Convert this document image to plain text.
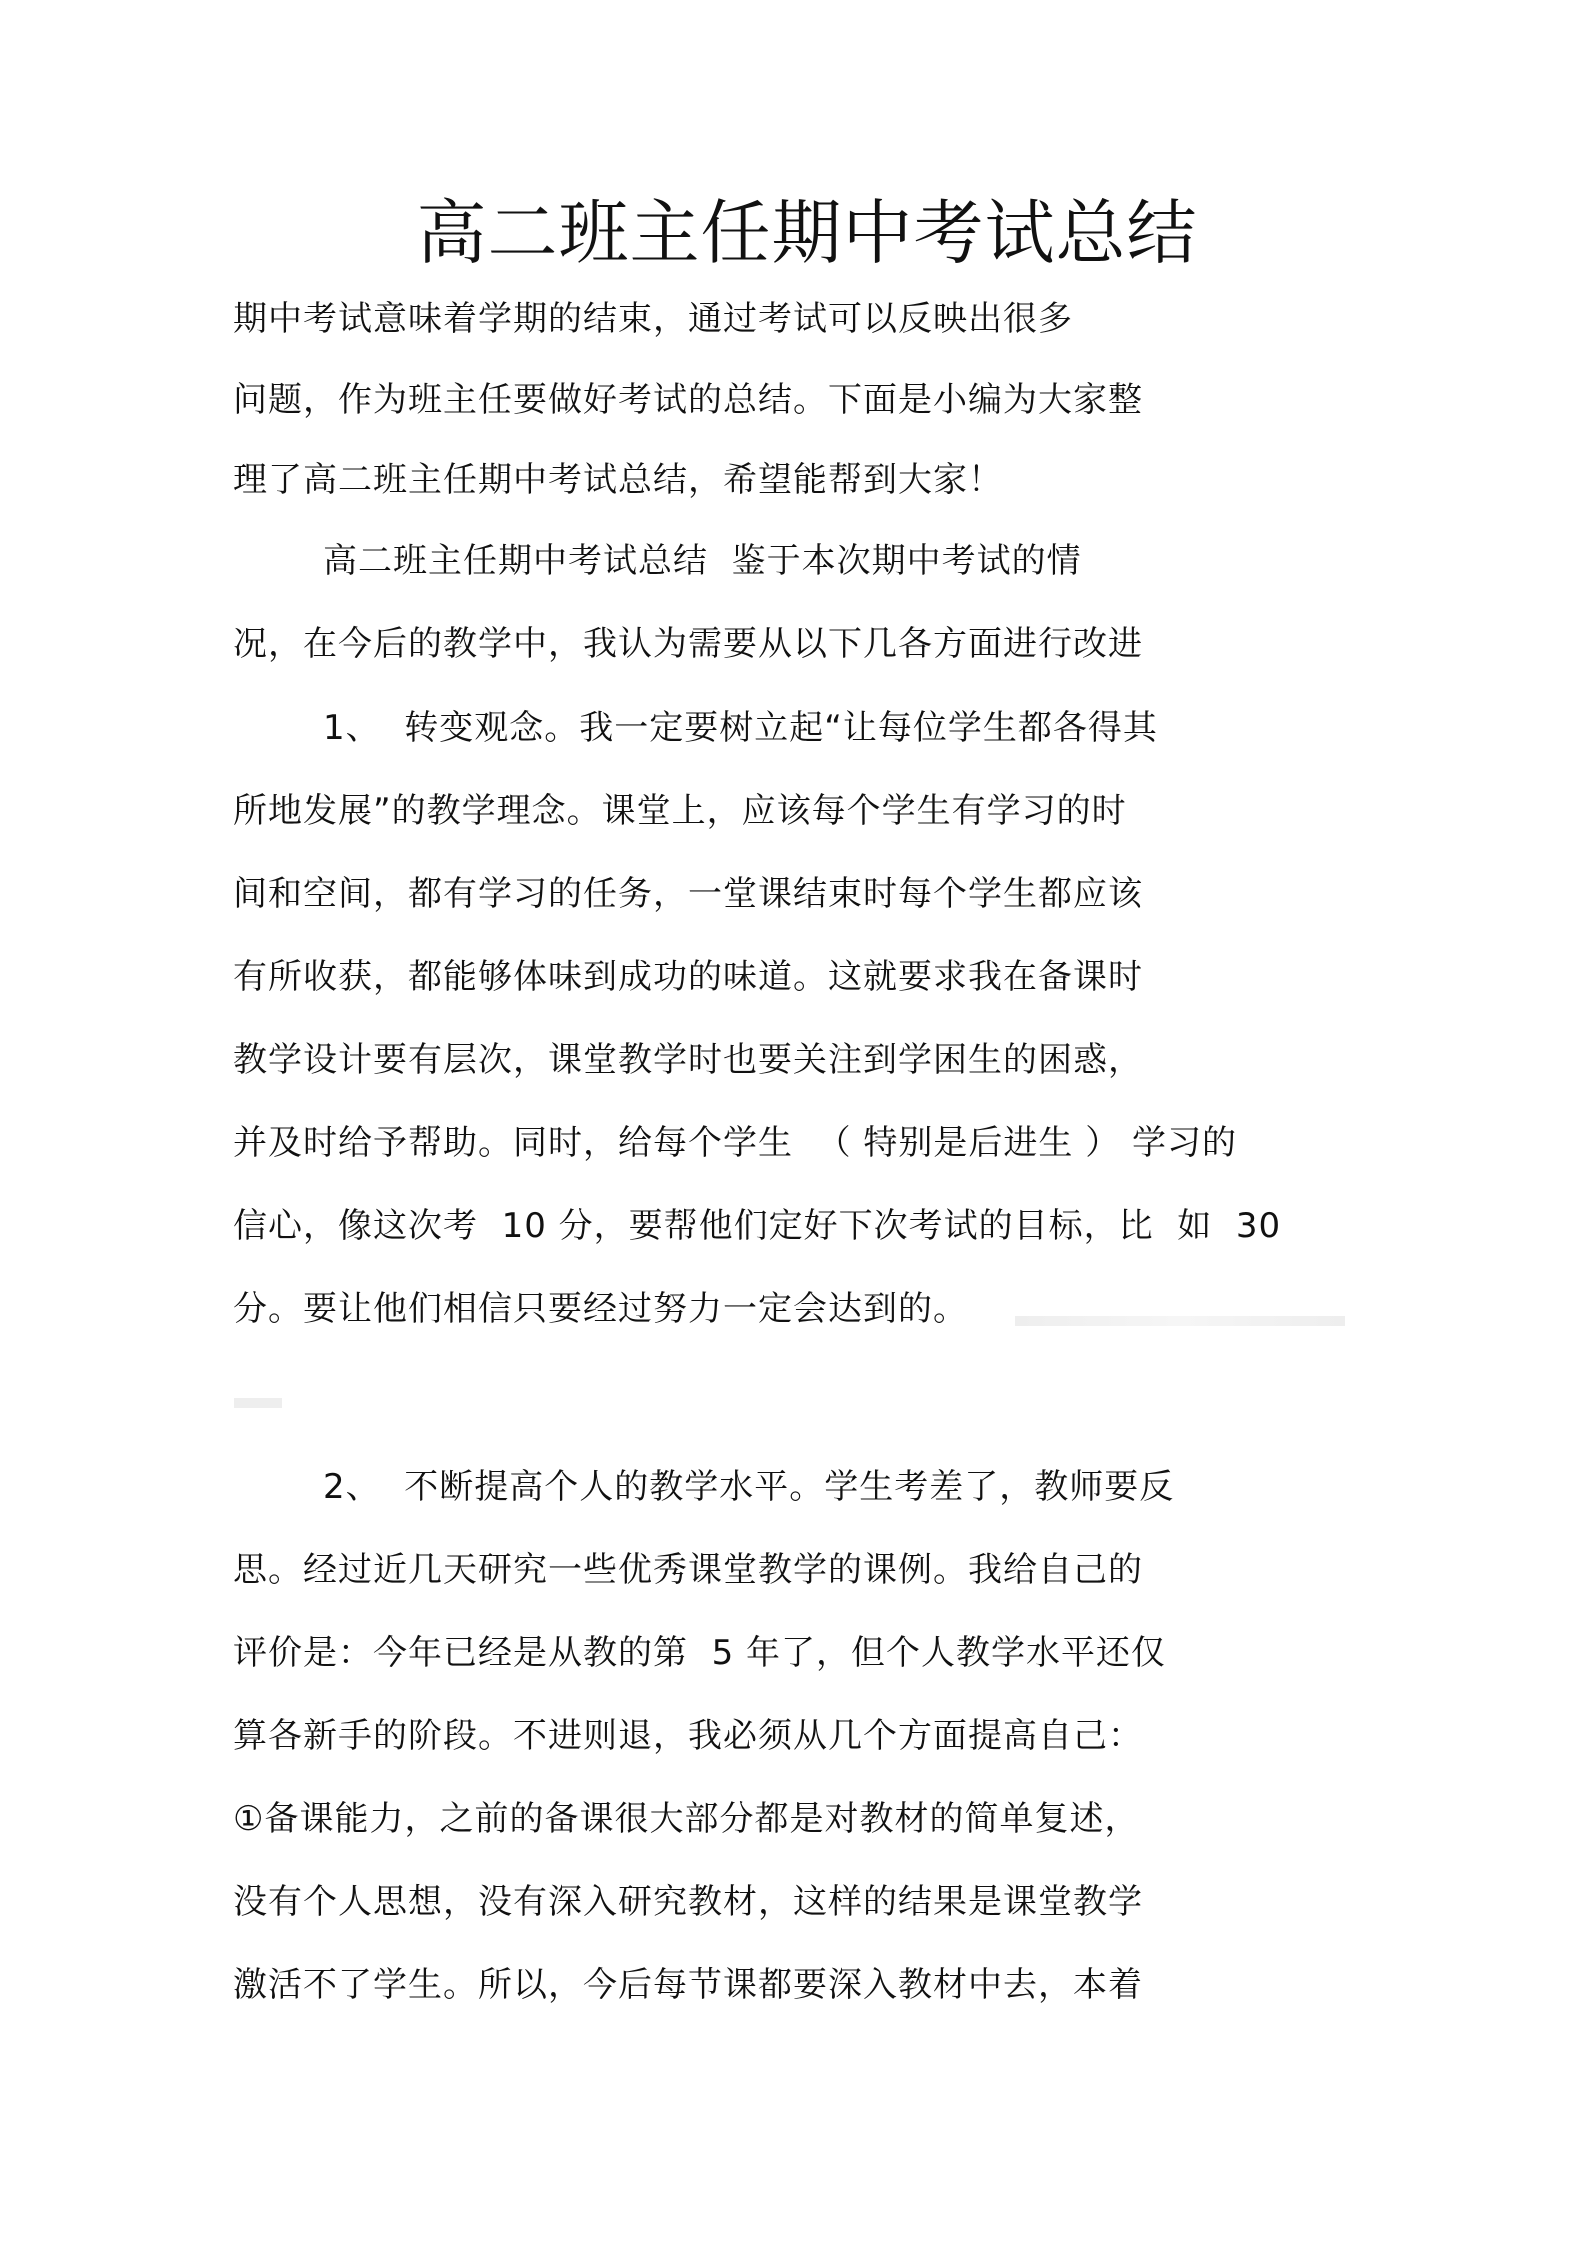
高二班主任期中考试总结
期中考试意味着学期的结束，通过考试可以反映出很多
问题，作为班主任要做好考试的总结。下面是小编为大家整
理了高二班主任期中考试总结，希望能帮到大家！
高二班主任期中考试总结  鉴于本次期中考试的情
况，在今后的教学中，我认为需要从以下几各方面进行改进
1、  转变观念。我一定要树立起“让每位学生都各得其
所地发展”的教学理念。课堂上，应该每个学生有学习的时
间和空间，都有学习的任务，一堂课结束时每个学生都应该
有所收获，都能够体味到成功的味道。这就要求我在备课时
教学设计要有层次，课堂教学时也要关注到学困生的困惑，
并及时给予帮助。同时，给每个学生  （ 特别是后进生 ） 学习的
信心，像这次考  10 分，要帮他们定好下次考试的目标，比  如  30
分。要让他们相信只要经过努力一定会达到的。
2、  不断提高个人的教学水平。学生考差了，教师要反
思。经过近几天研究一些优秀课堂教学的课例。我给自己的
评价是：今年已经是从教的第  5 年了，但个人教学水平还仅
算各新手的阶段。不进则退，我必须从几个方面提高自己：
①备课能力，之前的备课很大部分都是对教材的简单复述，
没有个人思想，没有深入研究教材，这样的结果是课堂教学
激活不了学生。所以，今后每节课都要深入教材中去，本着
